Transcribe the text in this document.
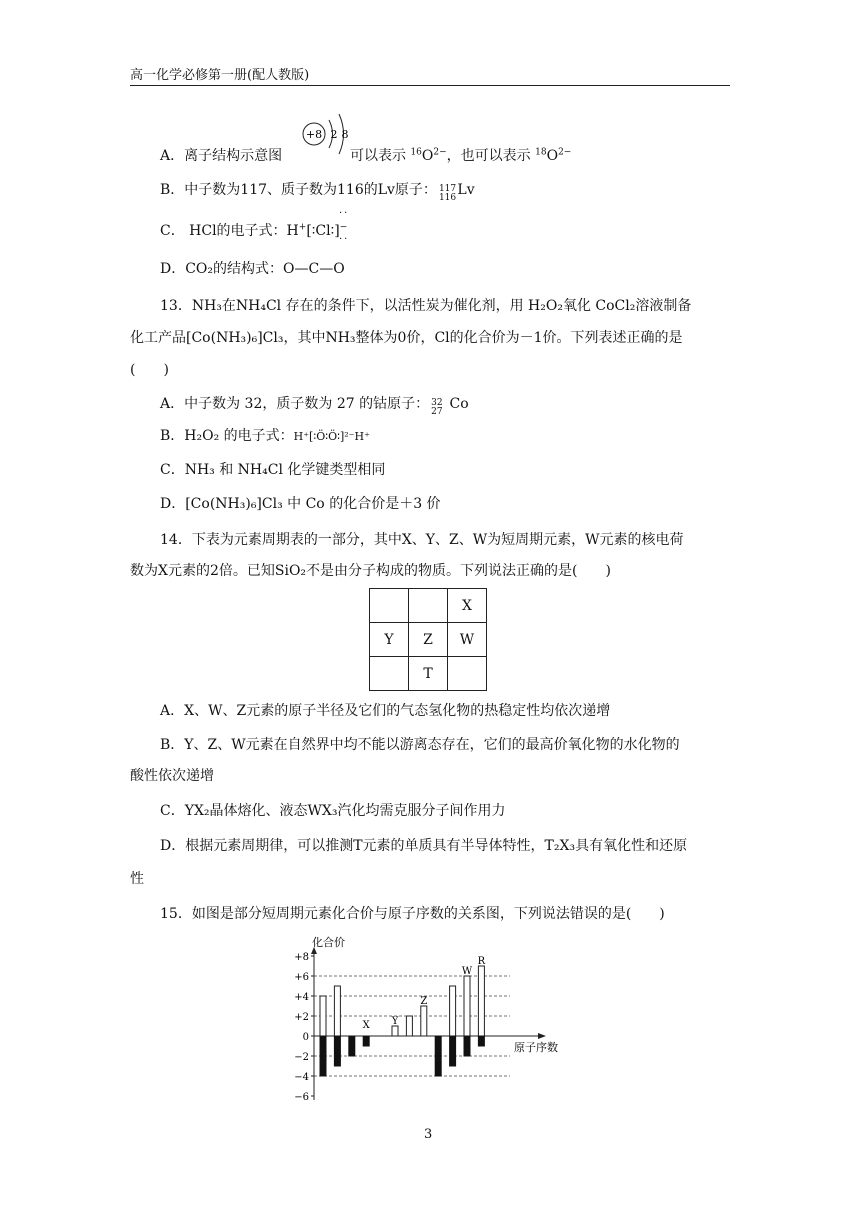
高一化学必修第一册(配人教版)
A．离子结构示意图
+8 2 8
可以表示 $^{16}O^{2-}$，也可以表示 $^{18}O^{2-}$
B．中子数为117、质子数为116的Lv原子： 117
116 Lv
··
C． HCl的电子式：H+[∶Cl∶]−
··
D．CO₂的结构式：O—C—O
13．NH₃在NH₄Cl 存在的条件下，以活性炭为催化剂，用 H₂O₂氧化 CoCl₂溶液制备
化工产品[Co(NH₃)₆]Cl₃，其中NH₃整体为0价，Cl的化合价为－1价。下列表述正确的是
(　　)
A．中子数为 32，质子数为 27 的钴原子： 32
27 Co
B．H₂O₂ 的电子式：H⁺[∶Ö∶Ö∶]²⁻H⁺
C．NH₃ 和 NH₄Cl 化学键类型相同
D．[Co(NH₃)₆]Cl₃ 中 Co 的化合价是＋3 价
14．下表为元素周期表的一部分，其中X、Y、Z、W为短周期元素，W元素的核电荷
数为X元素的2倍。已知SiO₂不是由分子构成的物质。下列说法正确的是(　　)
		X
Y	Z	W
	T	
A．X、W、Z元素的原子半径及它们的气态氢化物的热稳定性均依次递增
B．Y、Z、W元素在自然界中均不能以游离态存在，它们的最高价氧化物的水化物的
酸性依次递增
C．YX₂晶体熔化、液态WX₃汽化均需克服分子间作用力
D．根据元素周期律，可以推测T元素的单质具有半导体特性，T₂X₃具有氧化性和还原
性
15．如图是部分短周期元素化合价与原子序数的关系图，下列说法错误的是(　　)
化合价
原子序数
+8
+6
+4
+2
0
−2
−4
−6
X Y
Z
W
R
3
